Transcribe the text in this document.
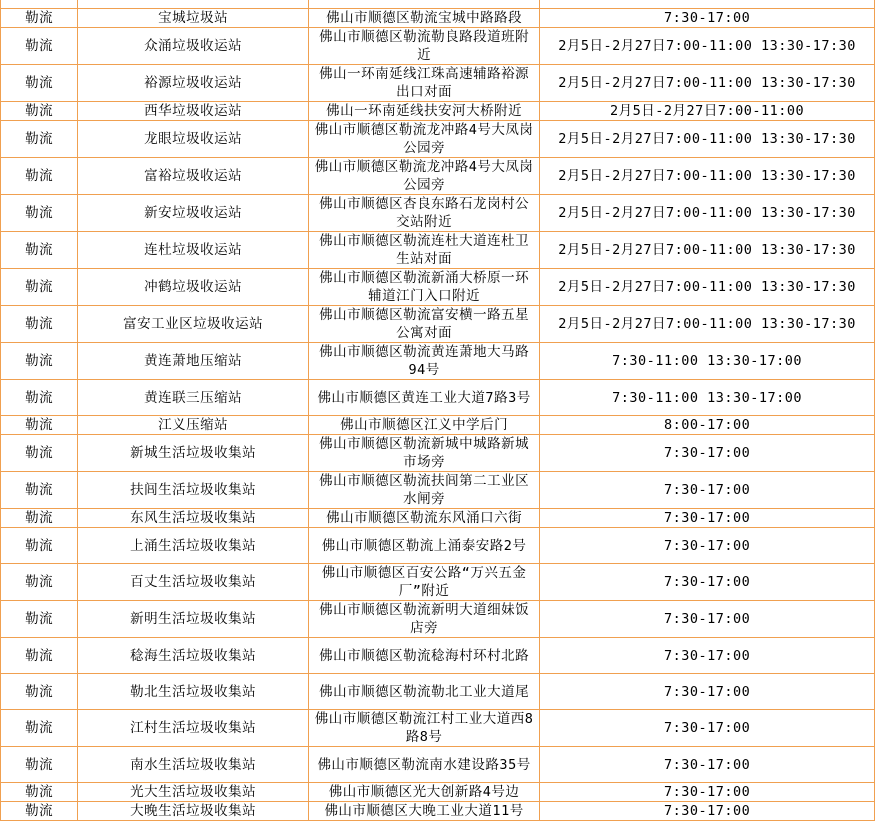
勒流	宝城垃圾站	佛山市顺德区勒流宝城中路路段	7:30-17:00
勒流	众涌垃圾收运站	佛山市顺德区勒流勒良路段道班附近	2月5日-2月27日7:00-11:00 13:30-17:30
勒流	裕源垃圾收运站	佛山一环南延线江珠高速辅路裕源出口对面	2月5日-2月27日7:00-11:00 13:30-17:30
勒流	西华垃圾收运站	佛山一环南延线扶安河大桥附近	2月5日-2月27日7:00-11:00
勒流	龙眼垃圾收运站	佛山市顺德区勒流龙冲路4号大凤岗公园旁	2月5日-2月27日7:00-11:00 13:30-17:30
勒流	富裕垃圾收运站	佛山市顺德区勒流龙冲路4号大凤岗公园旁	2月5日-2月27日7:00-11:00 13:30-17:30
勒流	新安垃圾收运站	佛山市顺德区杏良东路石龙岗村公交站附近	2月5日-2月27日7:00-11:00 13:30-17:30
勒流	连杜垃圾收运站	佛山市顺德区勒流连杜大道连杜卫生站对面	2月5日-2月27日7:00-11:00 13:30-17:30
勒流	冲鹤垃圾收运站	佛山市顺德区勒流新涌大桥原一环辅道江门入口附近	2月5日-2月27日7:00-11:00 13:30-17:30
勒流	富安工业区垃圾收运站	佛山市顺德区勒流富安横一路五星公寓对面	2月5日-2月27日7:00-11:00 13:30-17:30
勒流	黄连萧地压缩站	佛山市顺德区勒流黄连萧地大马路94号	7:30-11:00 13:30-17:00
勒流	黄连联三压缩站	佛山市顺德区黄连工业大道7路3号	7:30-11:00 13:30-17:00
勒流	江义压缩站	佛山市顺德区江义中学后门	8:00-17:00
勒流	新城生活垃圾收集站	佛山市顺德区勒流新城中城路新城市场旁	7:30-17:00
勒流	扶闾生活垃圾收集站	佛山市顺德区勒流扶闾第二工业区水闸旁	7:30-17:00
勒流	东风生活垃圾收集站	佛山市顺德区勒流东风涌口六街	7:30-17:00
勒流	上涌生活垃圾收集站	佛山市顺德区勒流上涌泰安路2号	7:30-17:00
勒流	百丈生活垃圾收集站	佛山市顺德区百安公路“万兴五金厂”附近	7:30-17:00
勒流	新明生活垃圾收集站	佛山市顺德区勒流新明大道细妹饭店旁	7:30-17:00
勒流	稔海生活垃圾收集站	佛山市顺德区勒流稔海村环村北路	7:30-17:00
勒流	勒北生活垃圾收集站	佛山市顺德区勒流勒北工业大道尾	7:30-17:00
勒流	江村生活垃圾收集站	佛山市顺德区勒流江村工业大道西8路8号	7:30-17:00
勒流	南水生活垃圾收集站	佛山市顺德区勒流南水建设路35号	7:30-17:00
勒流	光大生活垃圾收集站	佛山市顺德区光大创新路4号边	7:30-17:00
勒流	大晚生活垃圾收集站	佛山市顺德区大晚工业大道11号	7:30-17:00
